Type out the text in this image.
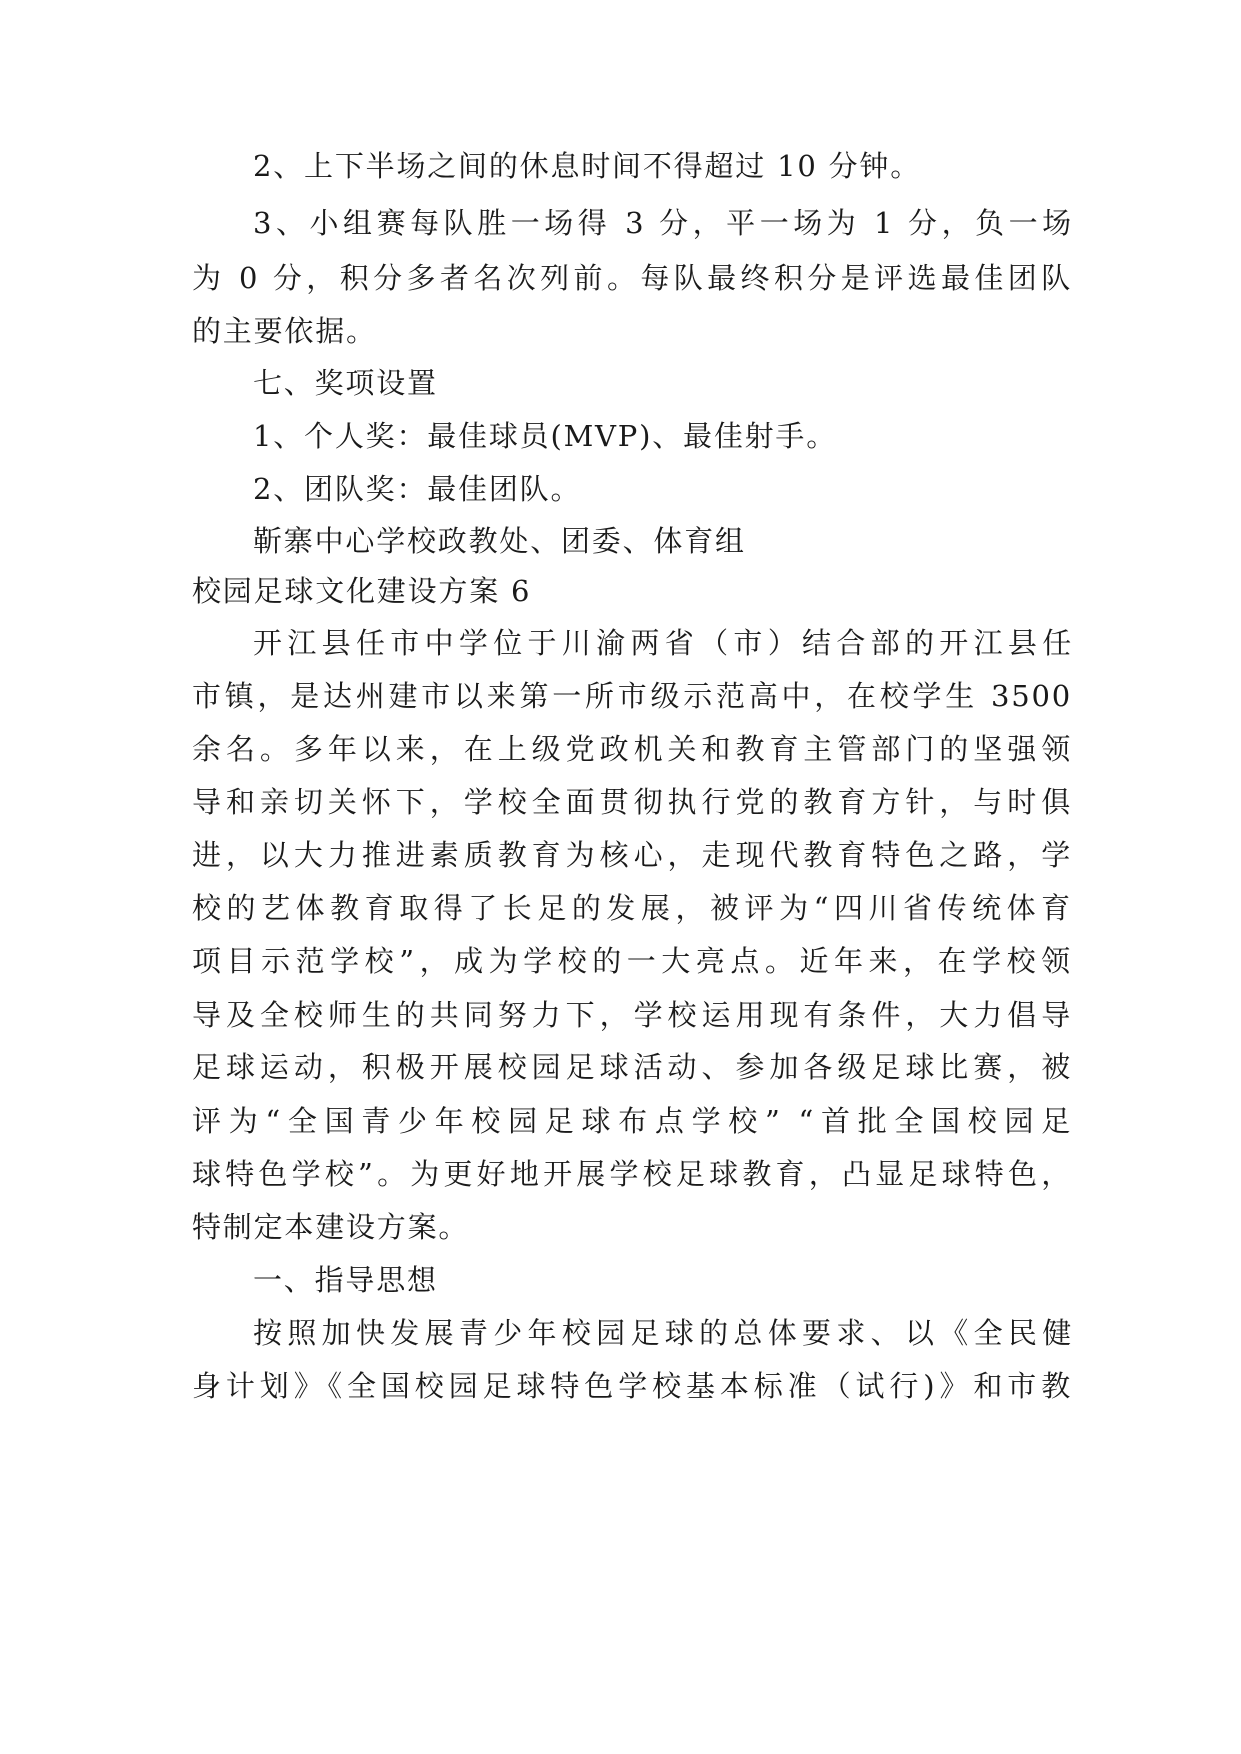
2、上下半场之间的休息时间不得超过 10 分钟。
3、小组赛每队胜一场得 3 分，平一场为 1 分，负一场
为 0 分，积分多者名次列前。每队最终积分是评选最佳团队
的主要依据。
七、奖项设置
1、个人奖：最佳球员(MVP)、最佳射手。
2、团队奖：最佳团队。
靳寨中心学校政教处、团委、体育组
校园足球文化建设方案 6
开江县任市中学位于川渝两省（市）结合部的开江县任
市镇，是达州建市以来第一所市级示范高中，在校学生 3500
余名。多年以来，在上级党政机关和教育主管部门的坚强领
导和亲切关怀下，学校全面贯彻执行党的教育方针，与时俱
进，以大力推进素质教育为核心，走现代教育特色之路，学
校的艺体教育取得了长足的发展，被评为“四川省传统体育
项目示范学校”，成为学校的一大亮点。近年来，在学校领
导及全校师生的共同努力下，学校运用现有条件，大力倡导
足球运动，积极开展校园足球活动、参加各级足球比赛，被
评为“全国青少年校园足球布点学校” “首批全国校园足
球特色学校”。为更好地开展学校足球教育，凸显足球特色，
特制定本建设方案。
一、指导思想
按照加快发展青少年校园足球的总体要求、以《全民健
身计划》《全国校园足球特色学校基本标准（试行)》和市教
